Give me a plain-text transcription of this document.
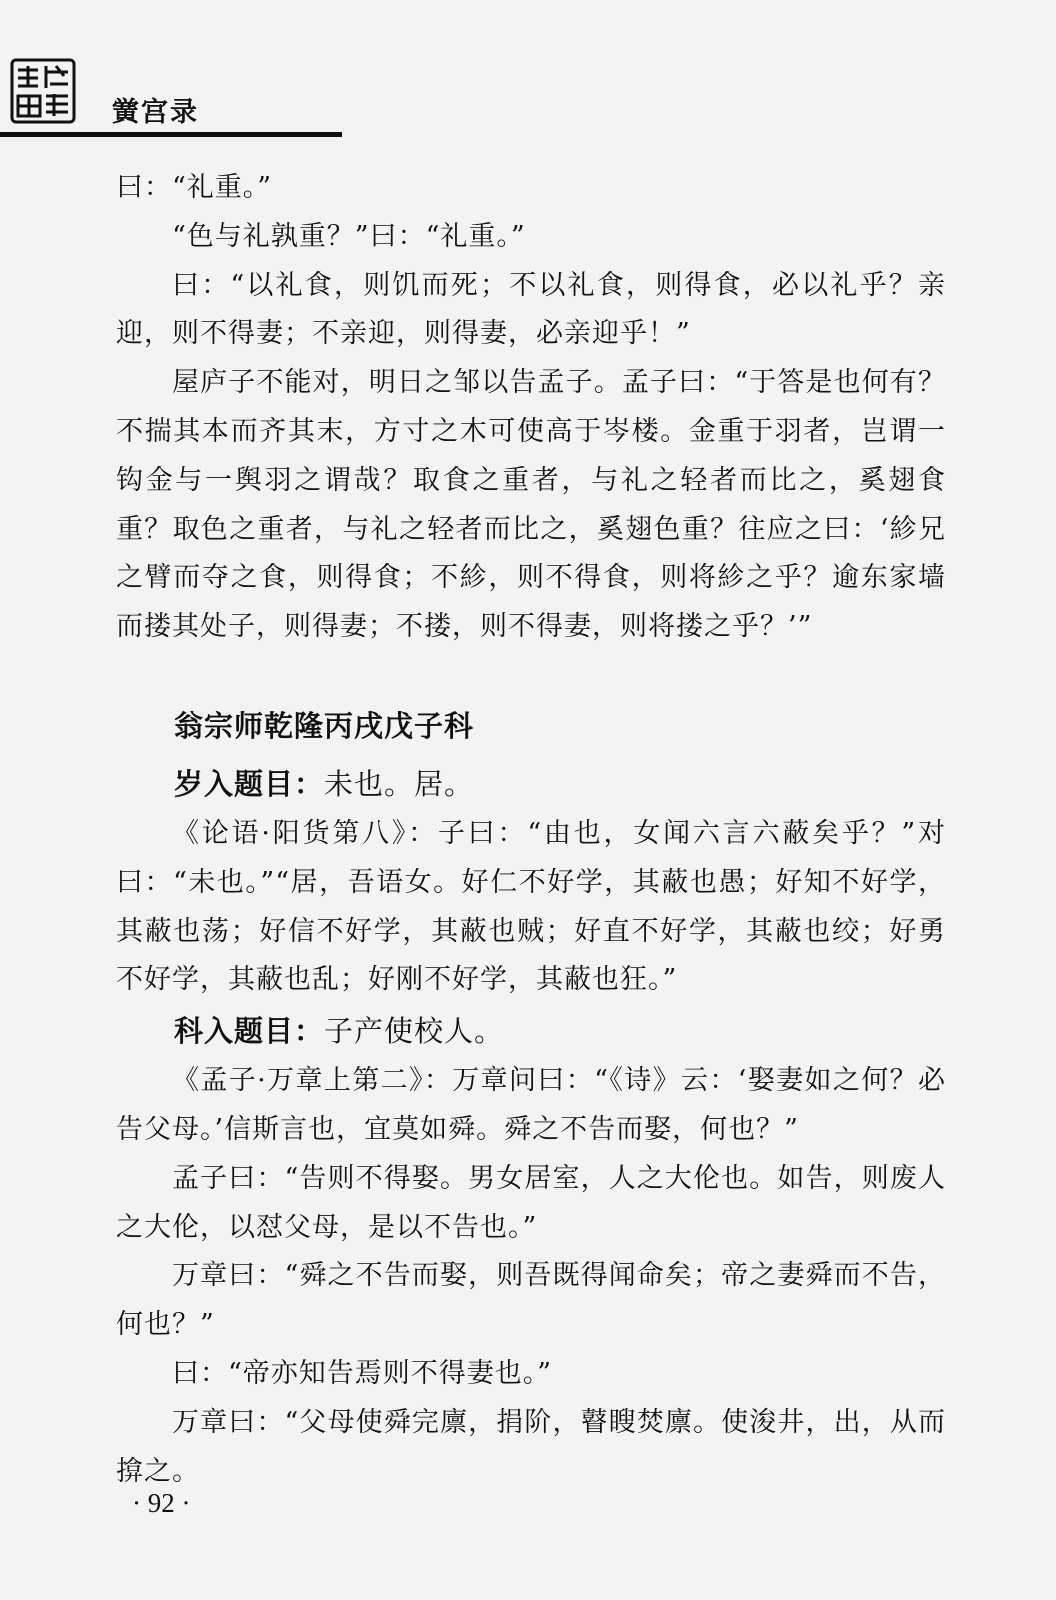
黉宫录

曰：“礼重。”

“色与礼孰重？”曰：“礼重。”

曰：“以礼食，则饥而死；不以礼食，则得食，必以礼乎？亲迎，则不得妻；不亲迎，则得妻，必亲迎乎！”

屋庐子不能对，明日之邹以告孟子。孟子曰：“于答是也何有？不揣其本而齐其末，方寸之木可使高于岑楼。金重于羽者，岂谓一钩金与一舆羽之谓哉？取食之重者，与礼之轻者而比之，奚翅食重？取色之重者，与礼之轻者而比之，奚翅色重？往应之曰：‘紾兄之臂而夺之食，则得食；不紾，则不得食，则将紾之乎？逾东家墙而搂其处子，则得妻；不搂，则不得妻，则将搂之乎？’”

翁宗师乾隆丙戌戊子科

岁入题目：未也。居。

《论语·阳货第八》：子曰：“由也，女闻六言六蔽矣乎？”对曰：“未也。”“居，吾语女。好仁不好学，其蔽也愚；好知不好学，其蔽也荡；好信不好学，其蔽也贼；好直不好学，其蔽也绞；好勇不好学，其蔽也乱；好刚不好学，其蔽也狂。”

科入题目：子产使校人。

《孟子·万章上第二》：万章问曰：“《诗》云：‘娶妻如之何？必告父母。’信斯言也，宜莫如舜。舜之不告而娶，何也？”

孟子曰：“告则不得娶。男女居室，人之大伦也。如告，则废人之大伦，以怼父母，是以不告也。”

万章曰：“舜之不告而娶，则吾既得闻命矣；帝之妻舜而不告，何也？”

曰：“帝亦知告焉则不得妻也。”

万章曰：“父母使舜完廪，捐阶，瞽瞍焚廪。使浚井，出，从而揜之。

· 92 ·
